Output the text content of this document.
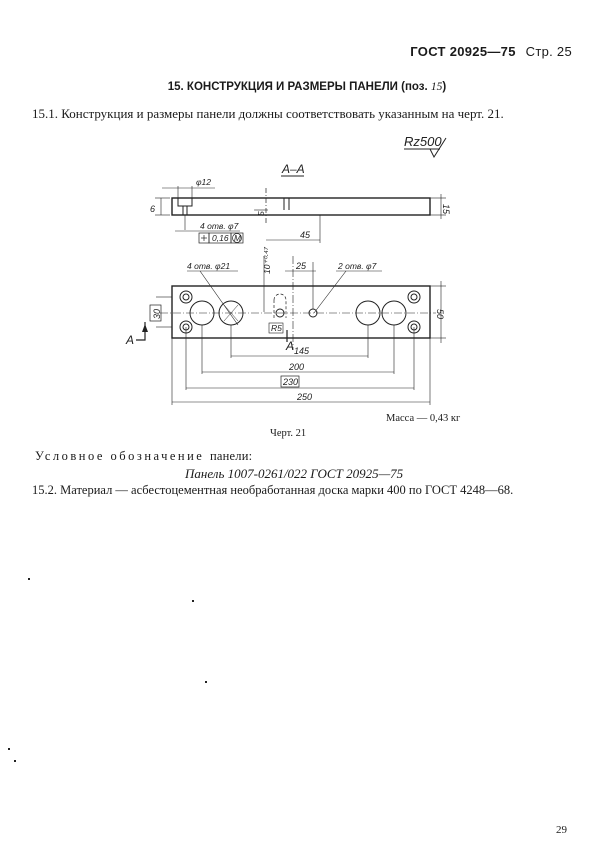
ГОСТ 20925—75 Стр. 25
15. КОНСТРУКЦИЯ И РАЗМЕРЫ ПАНЕЛИ (поз. 15)
15.1. Конструкция и размеры панели должны соответствовать указанным на черт. 21.
Rz500
А–А
6
φ12
4 отв. φ7
0,16 М
5
45
15
4 отв. φ21	2 отв. φ7
10⁺⁰·⁴⁷	25
R5
30	50
А	А 145
200
230
250
Масса — 0,43 кг
Черт. 21
Условное обозначение панели:
Панель 1007-0261/022 ГОСТ 20925—75
15.2. Материал — асбестоцементная необработанная доска марки 400 по ГОСТ 4248—68.
29
